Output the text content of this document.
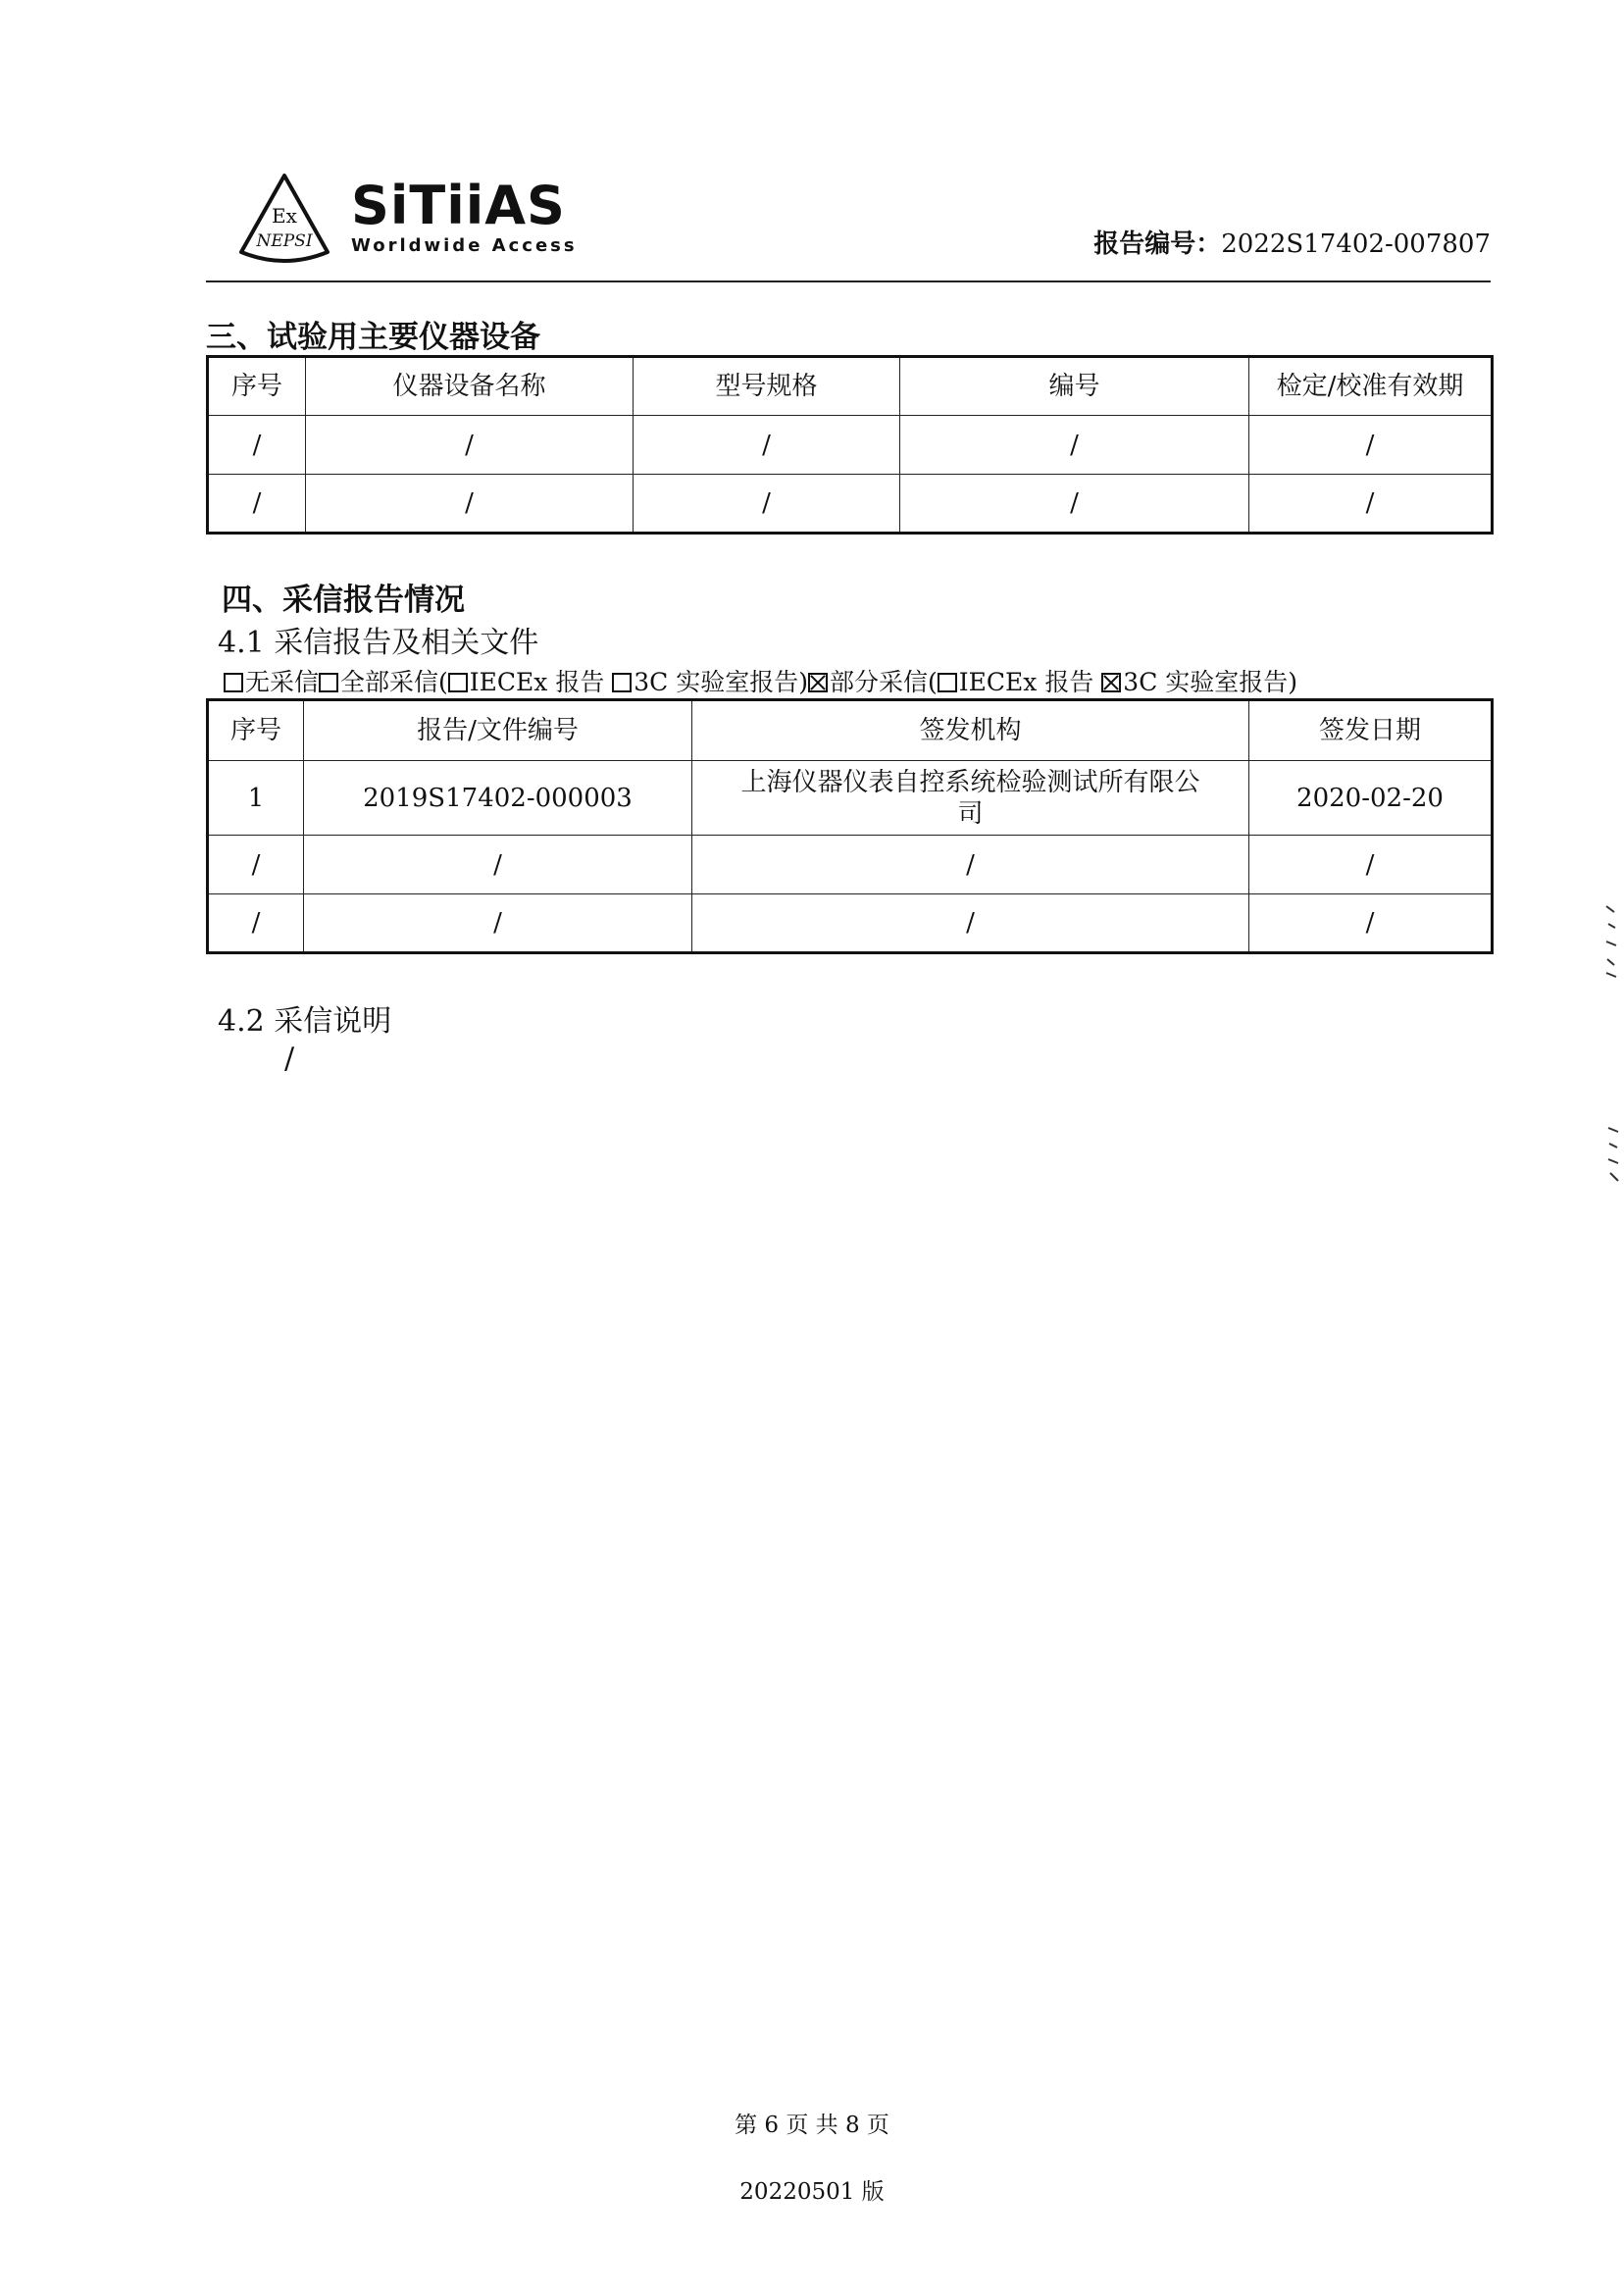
Ex
NEPSI
SiTiiAS
Worldwide Access	报告编号：2022S17402-007807
三、试验用主要仪器设备
序号	仪器设备名称	型号规格	编号	检定/校准有效期
/	/	/	/	/
/	/	/	/	/
四、采信报告情况
4.1 采信报告及相关文件
无采信 全部采信( IECEx 报告 3C 实验室报告) 部分采信( IECEx 报告 3C 实验室报告)
序号	报告/文件编号	签发机构	签发日期
1	2019S17402-000003	上海仪器仪表自控系统检验测试所有限公司	2020-02-20
/	/	/	/
/	/	/	/
4.2 采信说明
/
第 6 页 共 8 页
20220501 版
